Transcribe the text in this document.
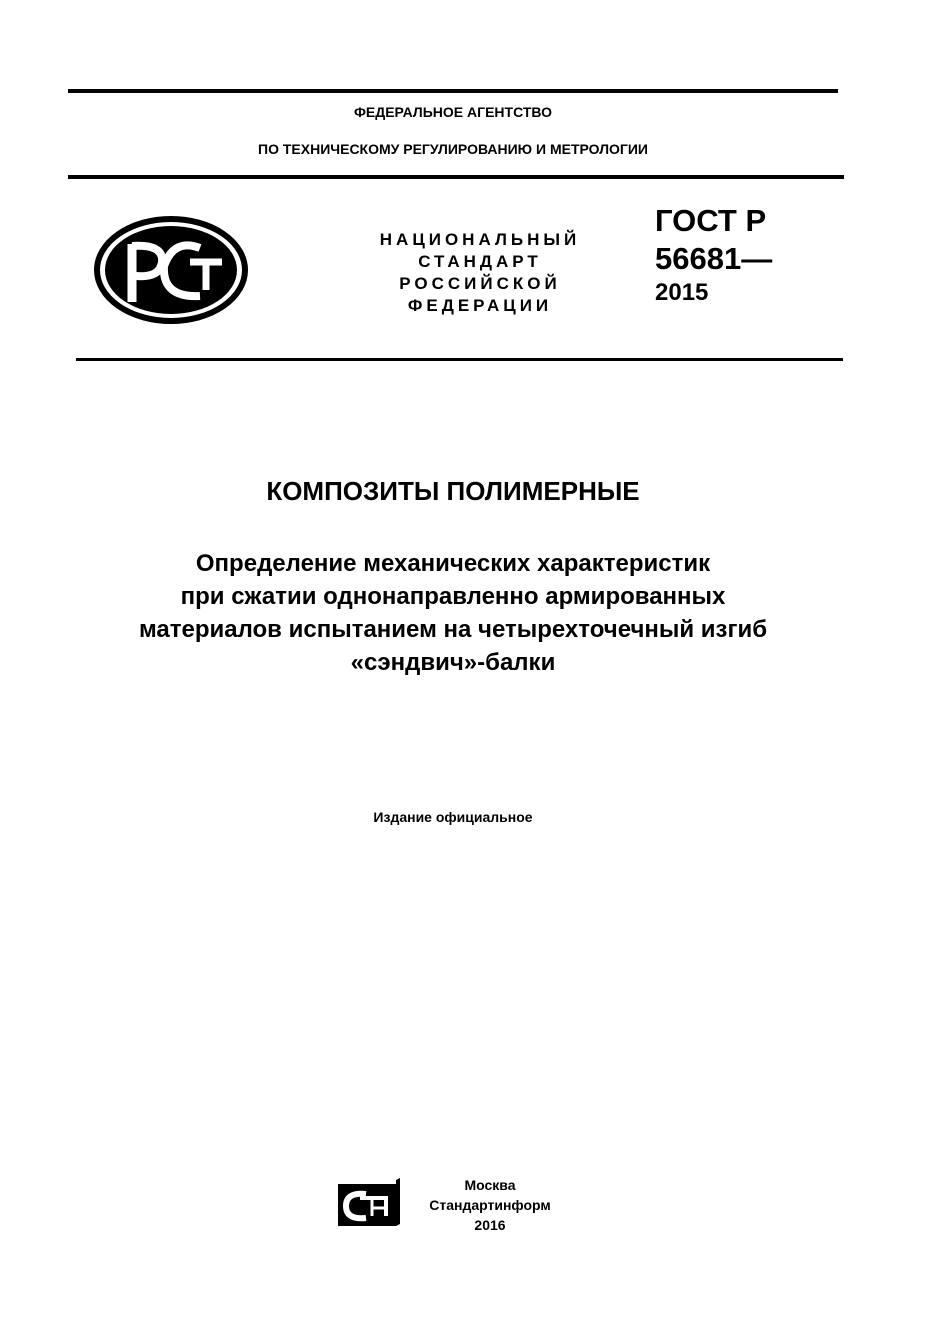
ФЕДЕРАЛЬНОЕ АГЕНТСТВО
ПО ТЕХНИЧЕСКОМУ РЕГУЛИРОВАНИЮ И МЕТРОЛОГИИ
НАЦИОНАЛЬНЫЙ
СТАНДАРТ
РОССИЙСКОЙ
ФЕДЕРАЦИИ
ГОСТ Р
56681—
2015
КОМПОЗИТЫ ПОЛИМЕРНЫЕ
Определение механических характеристик
при сжатии однонаправленно армированных
материалов испытанием на четырехточечный изгиб
«сэндвич»-балки
Издание официальное
Москва
Стандартинформ
2016
